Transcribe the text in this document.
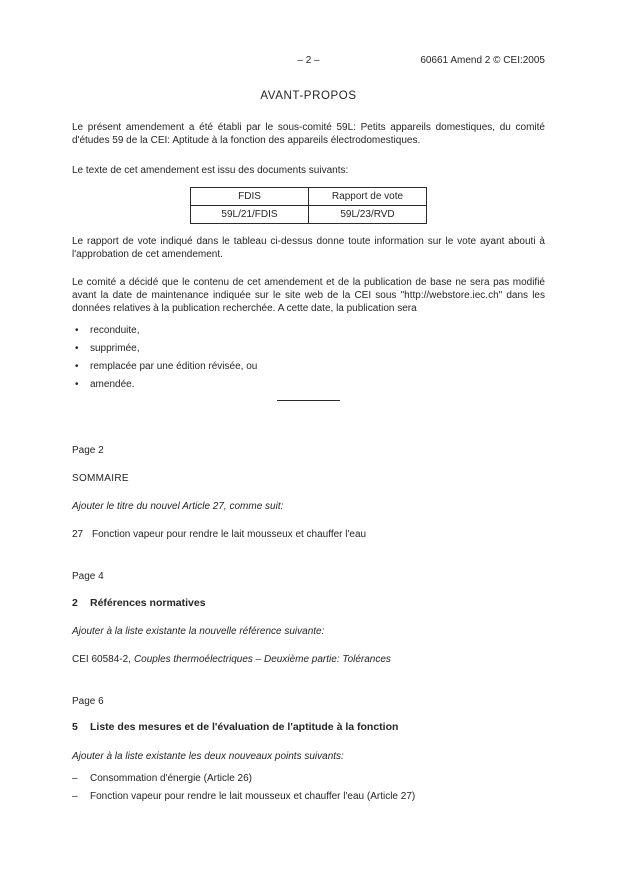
– 2 –	60661 Amend 2 © CEI:2005
AVANT-PROPOS

Le présent amendement a été établi par le sous-comité 59L: Petits appareils domestiques, du comité d'études 59 de la CEI: Aptitude à la fonction des appareils électrodomestiques.

Le texte de cet amendement est issu des documents suivants:

FDIS	Rapport de vote
59L/21/FDIS	59L/23/RVD

Le rapport de vote indiqué dans le tableau ci-dessus donne toute information sur le vote ayant abouti à l'approbation de cet amendement.

Le comité a décidé que le contenu de cet amendement et de la publication de base ne sera pas modifié avant la date de maintenance indiquée sur le site web de la CEI sous "http://webstore.iec.ch" dans les données relatives à la publication recherchée. A cette date, la publication sera

• reconduite,
• supprimée,
• remplacée par une édition révisée, ou
• amendée.

Page 2

SOMMAIRE

Ajouter le titre du nouvel Article 27, comme suit:

27 Fonction vapeur pour rendre le lait mousseux et chauffer l'eau

Page 4

2 Références normatives

Ajouter à la liste existante la nouvelle référence suivante:

CEI 60584-2, Couples thermoélectriques – Deuxième partie: Tolérances

Page 6

5 Liste des mesures et de l'évaluation de l'aptitude à la fonction

Ajouter à la liste existante les deux nouveaux points suivants:

– Consommation d'énergie (Article 26)
– Fonction vapeur pour rendre le lait mousseux et chauffer l'eau (Article 27)
